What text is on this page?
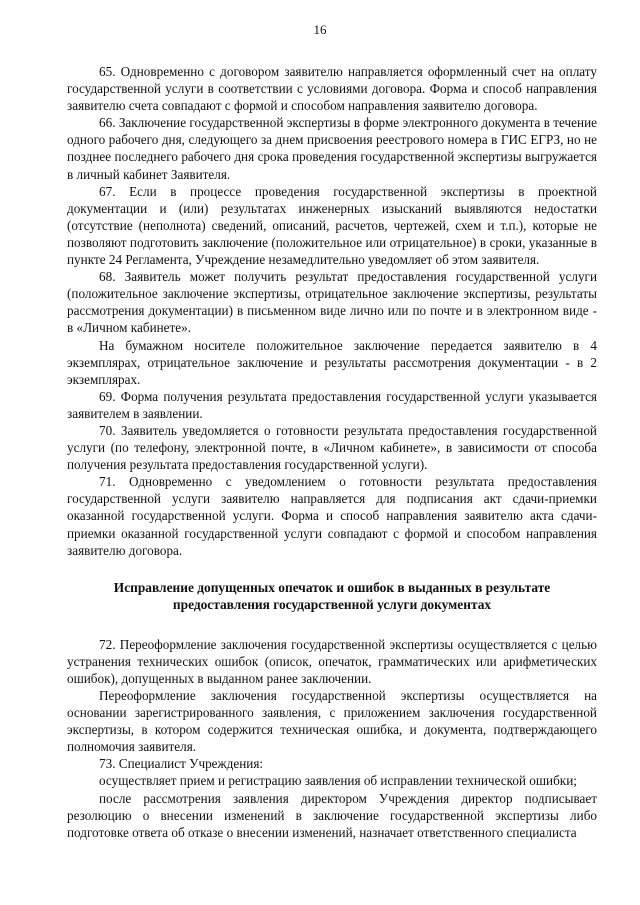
16

65. Одновременно с договором заявителю направляется оформленный счет на оплату государственной услуги в соответствии с условиями договора. Форма и способ направления заявителю счета совпадают с формой и способом направления заявителю договора.

66. Заключение государственной экспертизы в форме электронного документа в течение одного рабочего дня, следующего за днем присвоения реестрового номера в ГИС ЕГРЗ, но не позднее последнего рабочего дня срока проведения государственной экспертизы выгружается в личный кабинет Заявителя.

67. Если в процессе проведения государственной экспертизы в проектной документации и (или) результатах инженерных изысканий выявляются недостатки (отсутствие (неполнота) сведений, описаний, расчетов, чертежей, схем и т.п.), которые не позволяют подготовить заключение (положительное или отрицательное) в сроки, указанные в пункте 24 Регламента, Учреждение незамедлительно уведомляет об этом заявителя.

68. Заявитель может получить результат предоставления государственной услуги (положительное заключение экспертизы, отрицательное заключение экспертизы, результаты рассмотрения документации) в письменном виде лично или по почте и в электронном виде - в «Личном кабинете».

На бумажном носителе положительное заключение передается заявителю в 4 экземплярах, отрицательное заключение и результаты рассмотрения документации - в 2 экземплярах.

69. Форма получения результата предоставления государственной услуги указывается заявителем в заявлении.

70. Заявитель уведомляется о готовности результата предоставления государственной услуги (по телефону, электронной почте, в «Личном кабинете», в зависимости от способа получения результата предоставления государственной услуги).

71. Одновременно с уведомлением о готовности результата предоставления государственной услуги заявителю направляется для подписания акт сдачи-приемки оказанной государственной услуги. Форма и способ направления заявителю акта сдачи-приемки оказанной государственной услуги совпадают с формой и способом направления заявителю договора.

Исправление допущенных опечаток и ошибок в выданных в результате
предоставления государственной услуги документах

72. Переоформление заключения государственной экспертизы осуществляется с целью устранения технических ошибок (описок, опечаток, грамматических или арифметических ошибок), допущенных в выданном ранее заключении.

Переоформление заключения государственной экспертизы осуществляется на основании зарегистрированного заявления, с приложением заключения государственной экспертизы, в котором содержится техническая ошибка, и документа, подтверждающего полномочия заявителя.

73. Специалист Учреждения:

осуществляет прием и регистрацию заявления об исправлении технической ошибки;

после рассмотрения заявления директором Учреждения директор подписывает резолюцию о внесении изменений в заключение государственной экспертизы либо подготовке ответа об отказе о внесении изменений, назначает ответственного специалиста
